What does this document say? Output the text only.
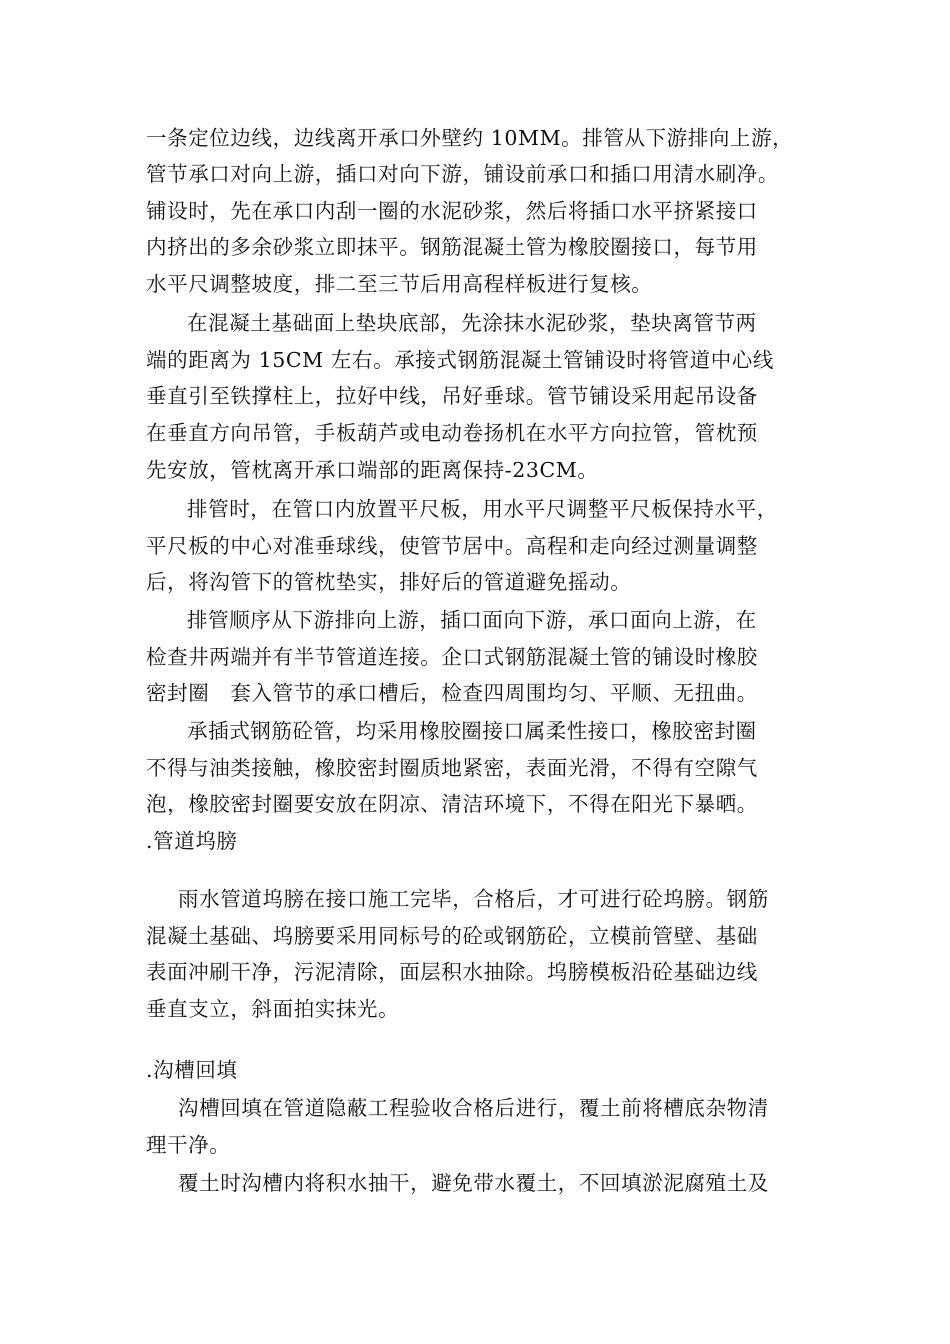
一条定位边线，边线离开承口外壁约 10MM。排管从下游排向上游，
管节承口对向上游，插口对向下游，铺设前承口和插口用清水刷净。
铺设时，先在承口内刮一圈的水泥砂浆，然后将插口水平挤紧接口
内挤出的多余砂浆立即抹平。钢筋混凝土管为橡胶圈接口，每节用
水平尺调整坡度，排二至三节后用高程样板进行复核。
在混凝土基础面上垫块底部，先涂抹水泥砂浆，垫块离管节两
端的距离为 15CM 左右。承接式钢筋混凝土管铺设时将管道中心线
垂直引至铁撑柱上，拉好中线，吊好垂球。管节铺设采用起吊设备
在垂直方向吊管，手板葫芦或电动卷扬机在水平方向拉管，管枕预
先安放，管枕离开承口端部的距离保持-23CM。
排管时，在管口内放置平尺板，用水平尺调整平尺板保持水平，
平尺板的中心对准垂球线，使管节居中。高程和走向经过测量调整
后，将沟管下的管枕垫实，排好后的管道避免摇动。
排管顺序从下游排向上游，插口面向下游，承口面向上游，在
检查井两端并有半节管道连接。企口式钢筋混凝土管的铺设时橡胶
密封圈　套入管节的承口槽后，检查四周围均匀、平顺、无扭曲。
承插式钢筋砼管，均采用橡胶圈接口属柔性接口，橡胶密封圈
不得与油类接触，橡胶密封圈质地紧密，表面光滑，不得有空隙气
泡，橡胶密封圈要安放在阴凉、清洁环境下，不得在阳光下暴晒。
.管道坞膀
雨水管道坞膀在接口施工完毕，合格后，才可进行砼坞膀。钢筋
混凝土基础、坞膀要采用同标号的砼或钢筋砼，立模前管壁、基础
表面冲刷干净，污泥清除，面层积水抽除。坞膀模板沿砼基础边线
垂直支立，斜面拍实抹光。
.沟槽回填
沟槽回填在管道隐蔽工程验收合格后进行，覆土前将槽底杂物清
理干净。
覆土时沟槽内将积水抽干，避免带水覆土，不回填淤泥腐殖土及
